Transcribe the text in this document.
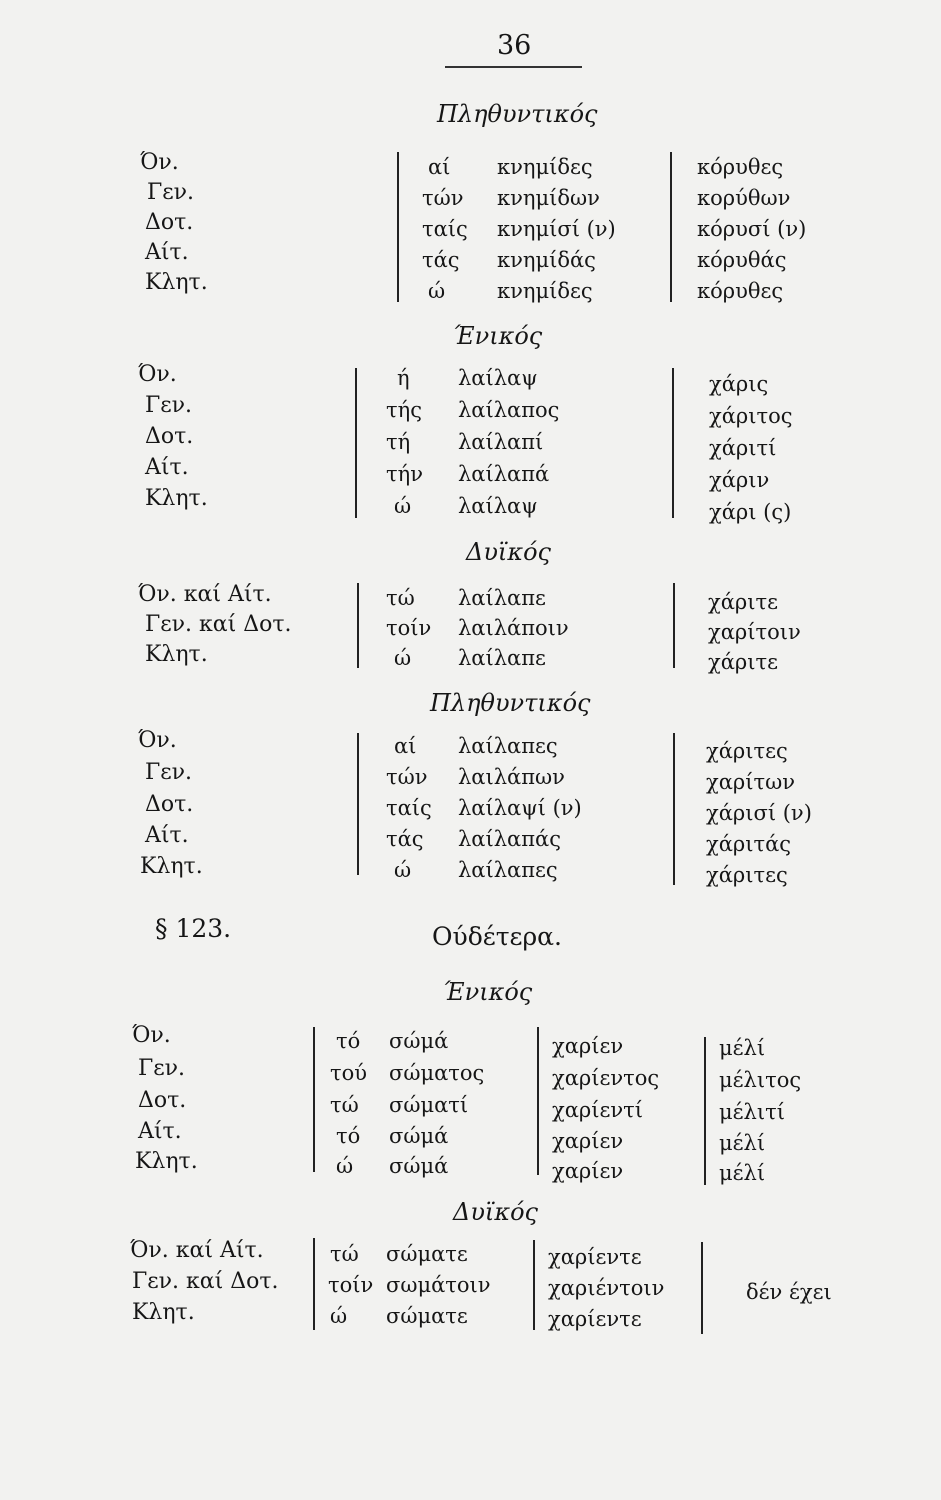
36
Πληθυντικός
Όν.
Γεν.
Δοτ.
Αίτ.
Κλητ.
αί
τών
ταίς
τάς
ώ
κνημίδες
κνημίδων
κνημίσί (ν)
κνημίδάς
κνημίδες
κόρυθες
κορύθων
κόρυσί (ν)
κόρυθάς
κόρυθες
Ένικός
Όν.
Γεν.
Δοτ.
Αίτ.
Κλητ.
ή
τής
τή
τήν
ώ
λαίλαψ
λαίλαπος
λαίλαπί
λαίλαπά
λαίλαψ
χάρις
χάριτος
χάριτί
χάριν
χάρι (ς)
Δυϊκός
Όν. καί Αίτ.
Γεν. καί Δοτ.
Κλητ.
τώ
τοίν
ώ
λαίλαπε
λαιλάποιν
λαίλαπε
χάριτε
χαρίτοιν
χάριτε
Πληθυντικός
Όν.
Γεν.
Δοτ.
Αίτ.
Κλητ.
αί
τών
ταίς
τάς
ώ
λαίλαπες
λαιλάπων
λαίλαψί (ν)
λαίλαπάς
λαίλαπες
χάριτες
χαρίτων
χάρισί (ν)
χάριτάς
χάριτες
§ 123.	Ούδέτερα.
Ένικός
Όν.
Γεν.
Δοτ.
Αίτ.
Κλητ.
τό
τού
τώ
τό
ώ
σώμά
σώματος
σώματί
σώμά
σώμά
χαρίεν
χαρίεντος
χαρίεντί
χαρίεν
χαρίεν
μέλί
μέλιτος
μέλιτί
μέλί
μέλί
Δυϊκός
Όν. καί Αίτ.
Γεν. καί Δοτ.
Κλητ.
τώ
τοίν
ώ
σώματε
σωμάτοιν
σώματε
χαρίεντε
χαριέντοιν
χαρίεντε
δέν έχει
